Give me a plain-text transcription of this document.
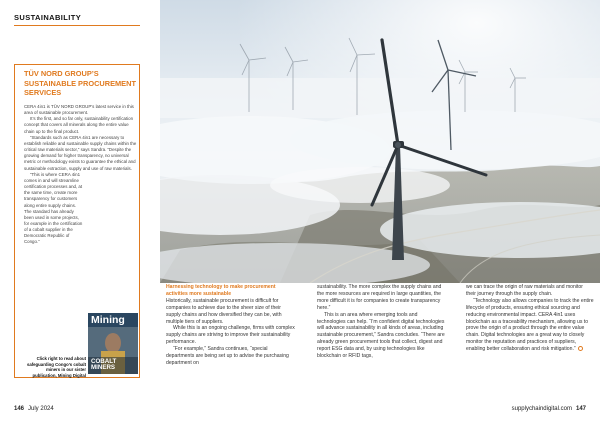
SUSTAINABILITY
TÜV NORD GROUP’S SUSTAINABLE PROCUREMENT SERVICES

CERA 4in1 is TÜV NORD GROUP’s latest service in this area of sustainable procurement.

It’s the first, and so far only, sustainability certification concept that covers all minerals along the entire value chain up to the final product.

“Standards such as CERA 4in1 are necessary to establish reliable and sustainable supply chains within the critical raw materials sector,” says Sandra. “Despite the growing demand for higher transparency, no universal metric or methodology exists to guarantee the ethical and sustainable extraction, supply and use of raw materials.

“This is where CERA 4in1 comes in and will streamline certification processes and, at the same time, create more transparency for customers along entire supply chains. The standard has already been used in some projects, for example in the certification of a cobalt supplier in the Democratic Republic of Congo.”

Mining
COBALT MINERS
Click right to read about safeguarding Congo’s cobalt miners in our sister publication, Mining Digital

Harnessing technology to make procurement activities more sustainable

Historically, sustainable procurement is difficult for companies to achieve due to the sheer size of their supply chains and how diversified they can be, with multiple tiers of suppliers.

While this is an ongoing challenge, firms with complex supply chains are striving to improve their sustainability performance.

“For example,” Sandra continues, “special departments are being set up to advise the purchasing department on

sustainability. The more complex the supply chains and the more resources are required in large quantities, the more difficult it is for companies to create transparency here.”

This is an area where emerging tools and technologies can help. “I’m confident digital technologies will advance sustainability in all kinds of areas, including sustainable procurement,” Sandra concludes. “There are already green procurement tools that collect, digest and report ESG data and, by using technologies like blockchain or RFID tags,

we can trace the origin of raw materials and monitor their journey through the supply chain.

“Technology also allows companies to track the entire lifecycle of products, ensuring ethical sourcing and reducing environmental impact. CERA 4in1 uses blockchain as a traceability mechanism, allowing us to prove the origin of a product through the entire value chain. Digital technologies are a great way to closely monitor the reputation and practices of suppliers, enabling better collaboration and risk mitigation.”

146 July 2024	supplychaindigital.com 147
